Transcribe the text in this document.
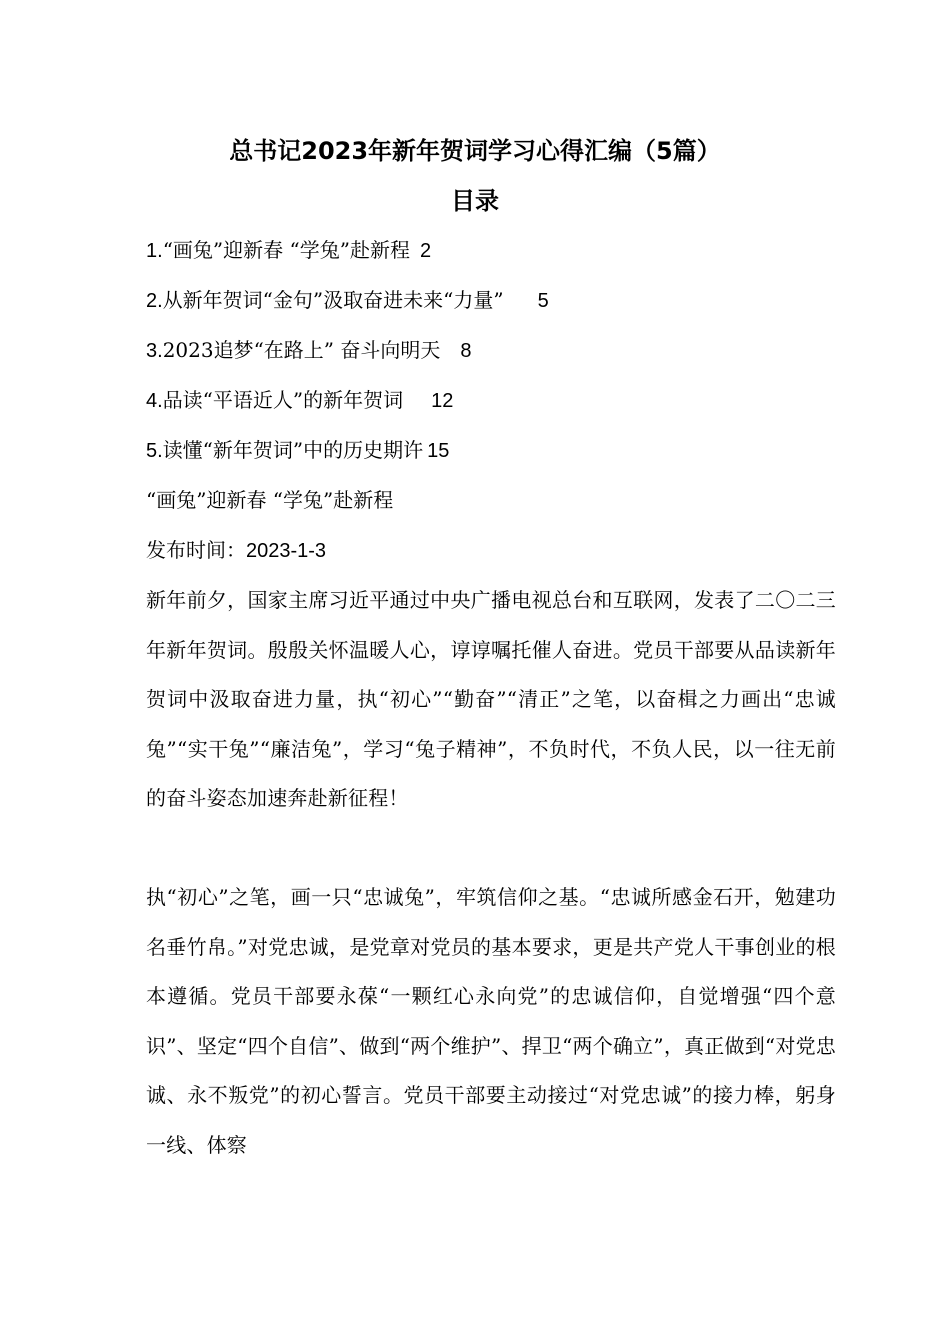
总书记2023年新年贺词学习心得汇编（5篇）
目录
1.“画兔”迎新春 “学兔”赴新程 2
2.从新年贺词“金句”汲取奋进未来“力量” 5
3.2023追梦“在路上” 奋斗向明天 8
4.品读“平语近人”的新年贺词 12
5.读懂“新年贺词”中的历史期许 15
“画兔”迎新春 “学兔”赴新程
发布时间：2023-1-3
新年前夕，国家主席习近平通过中央广播电视总台和互联网，发表了二〇二三年新年贺词。殷殷关怀温暖人心，谆谆嘱托催人奋进。党员干部要从品读新年贺词中汲取奋进力量，执“初心”“勤奋”“清正”之笔，以奋楫之力画出“忠诚兔”“实干兔”“廉洁兔”，学习“兔子精神”，不负时代，不负人民，以一往无前的奋斗姿态加速奔赴新征程！
执“初心”之笔，画一只“忠诚兔”，牢筑信仰之基。“忠诚所感金石开，勉建功名垂竹帛。”对党忠诚，是党章对党员的基本要求，更是共产党人干事创业的根本遵循。党员干部要永葆“一颗红心永向党”的忠诚信仰，自觉增强“四个意识”、坚定“四个自信”、做到“两个维护”、捍卫“两个确立”，真正做到“对党忠诚、永不叛党”的初心誓言。党员干部要主动接过“对党忠诚”的接力棒，躬身一线、体察
